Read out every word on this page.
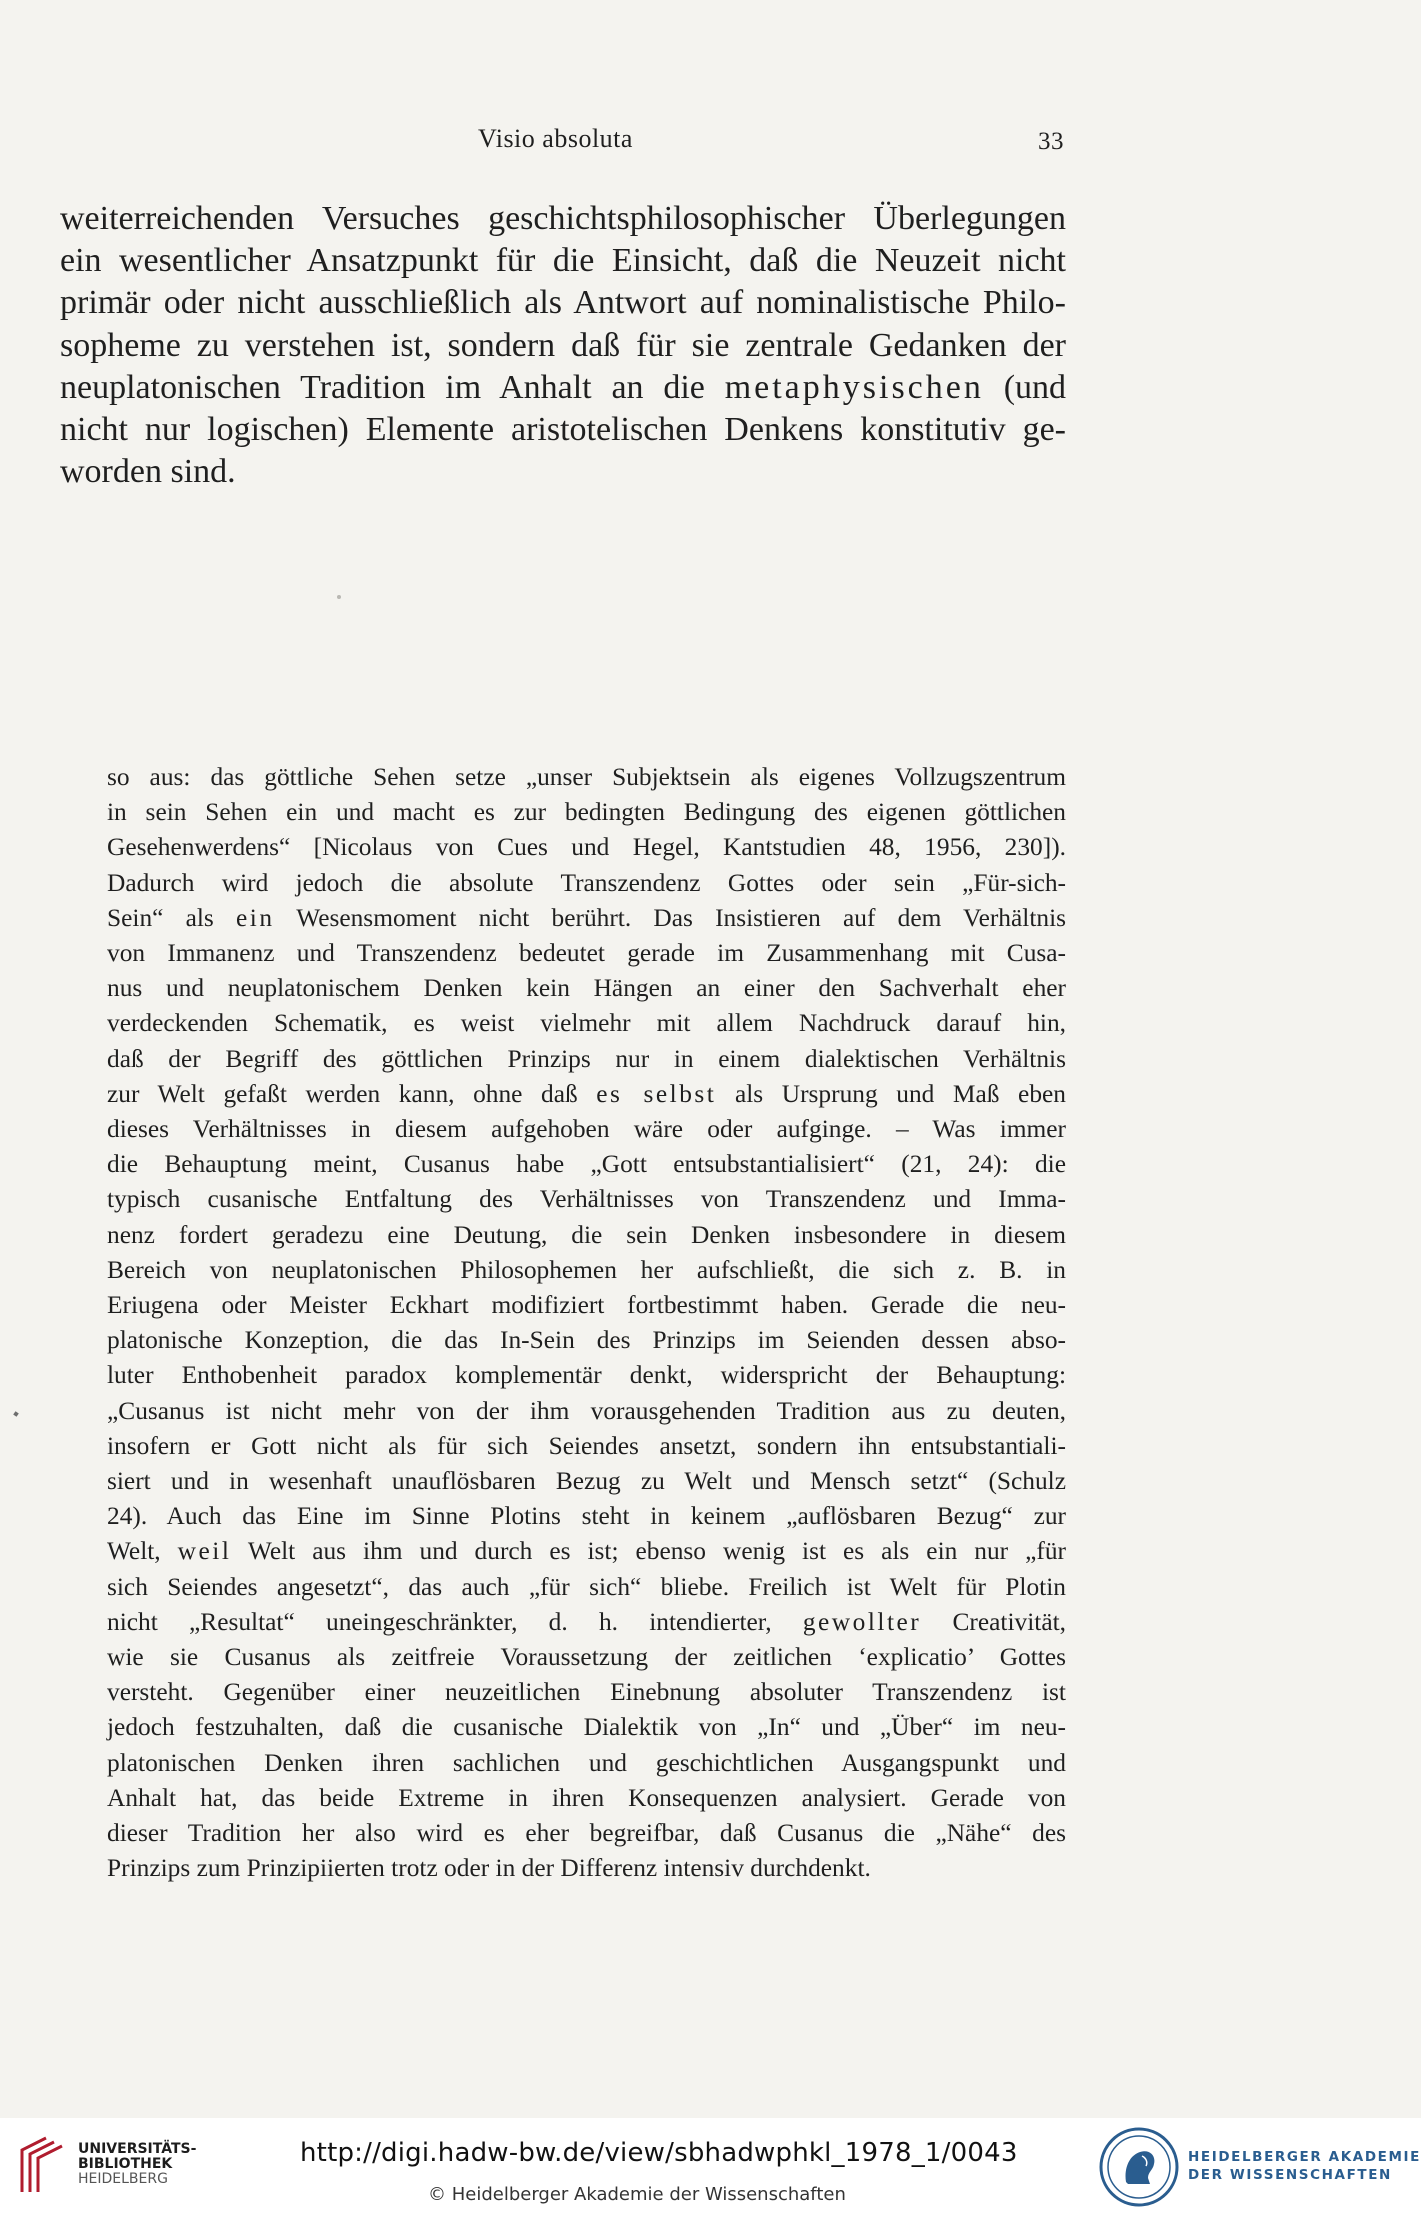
Visio absoluta	33
weiterreichenden Versuches geschichtsphilosophischer Überlegungen
ein wesentlicher Ansatzpunkt für die Einsicht, daß die Neuzeit nicht
primär oder nicht ausschließlich als Antwort auf nominalistische Philo-
sopheme zu verstehen ist, sondern daß für sie zentrale Gedanken der
neuplatonischen Tradition im Anhalt an die metaphysischen (und
nicht nur logischen) Elemente aristotelischen Denkens konstitutiv ge-
worden sind.
so aus: das göttliche Sehen setze „unser Subjektsein als eigenes Vollzugszentrum
in sein Sehen ein und macht es zur bedingten Bedingung des eigenen göttlichen
Gesehenwerdens“ [Nicolaus von Cues und Hegel, Kantstudien 48, 1956, 230]).
Dadurch wird jedoch die absolute Transzendenz Gottes oder sein „Für-sich-
Sein“ als ein Wesensmoment nicht berührt. Das Insistieren auf dem Verhältnis
von Immanenz und Transzendenz bedeutet gerade im Zusammenhang mit Cusa-
nus und neuplatonischem Denken kein Hängen an einer den Sachverhalt eher
verdeckenden Schematik, es weist vielmehr mit allem Nachdruck darauf hin,
daß der Begriff des göttlichen Prinzips nur in einem dialektischen Verhältnis
zur Welt gefaßt werden kann, ohne daß es selbst als Ursprung und Maß eben
dieses Verhältnisses in diesem aufgehoben wäre oder aufginge. – Was immer
die Behauptung meint, Cusanus habe „Gott entsubstantialisiert“ (21, 24): die
typisch cusanische Entfaltung des Verhältnisses von Transzendenz und Imma-
nenz fordert geradezu eine Deutung, die sein Denken insbesondere in diesem
Bereich von neuplatonischen Philosophemen her aufschließt, die sich z. B. in
Eriugena oder Meister Eckhart modifiziert fortbestimmt haben. Gerade die neu-
platonische Konzeption, die das In-Sein des Prinzips im Seienden dessen abso-
luter Enthobenheit paradox komplementär denkt, widerspricht der Behauptung:
„Cusanus ist nicht mehr von der ihm vorausgehenden Tradition aus zu deuten,
insofern er Gott nicht als für sich Seiendes ansetzt, sondern ihn entsubstantiali-
siert und in wesenhaft unauflösbaren Bezug zu Welt und Mensch setzt“ (Schulz
24). Auch das Eine im Sinne Plotins steht in keinem „auflösbaren Bezug“ zur
Welt, weil Welt aus ihm und durch es ist; ebenso wenig ist es als ein nur „für
sich Seiendes angesetzt“, das auch „für sich“ bliebe. Freilich ist Welt für Plotin
nicht „Resultat“ uneingeschränkter, d. h. intendierter, gewollter Creativität,
wie sie Cusanus als zeitfreie Voraussetzung der zeitlichen ‘explicatio’ Gottes
versteht. Gegenüber einer neuzeitlichen Einebnung absoluter Transzendenz ist
jedoch festzuhalten, daß die cusanische Dialektik von „In“ und „Über“ im neu-
platonischen Denken ihren sachlichen und geschichtlichen Ausgangspunkt und
Anhalt hat, das beide Extreme in ihren Konsequenzen analysiert. Gerade von
dieser Tradition her also wird es eher begreifbar, daß Cusanus die „Nähe“ des
Prinzips zum Prinzipiierten trotz oder in der Differenz intensiv durchdenkt.
UNIVERSITÄTS-
BIBLIOTHEK
HEIDELBERG
http://digi.hadw-bw.de/view/sbhadwphkl_1978_1/0043
© Heidelberger Akademie der Wissenschaften
HEIDELBERGER AKADEMIE
DER WISSENSCHAFTEN
